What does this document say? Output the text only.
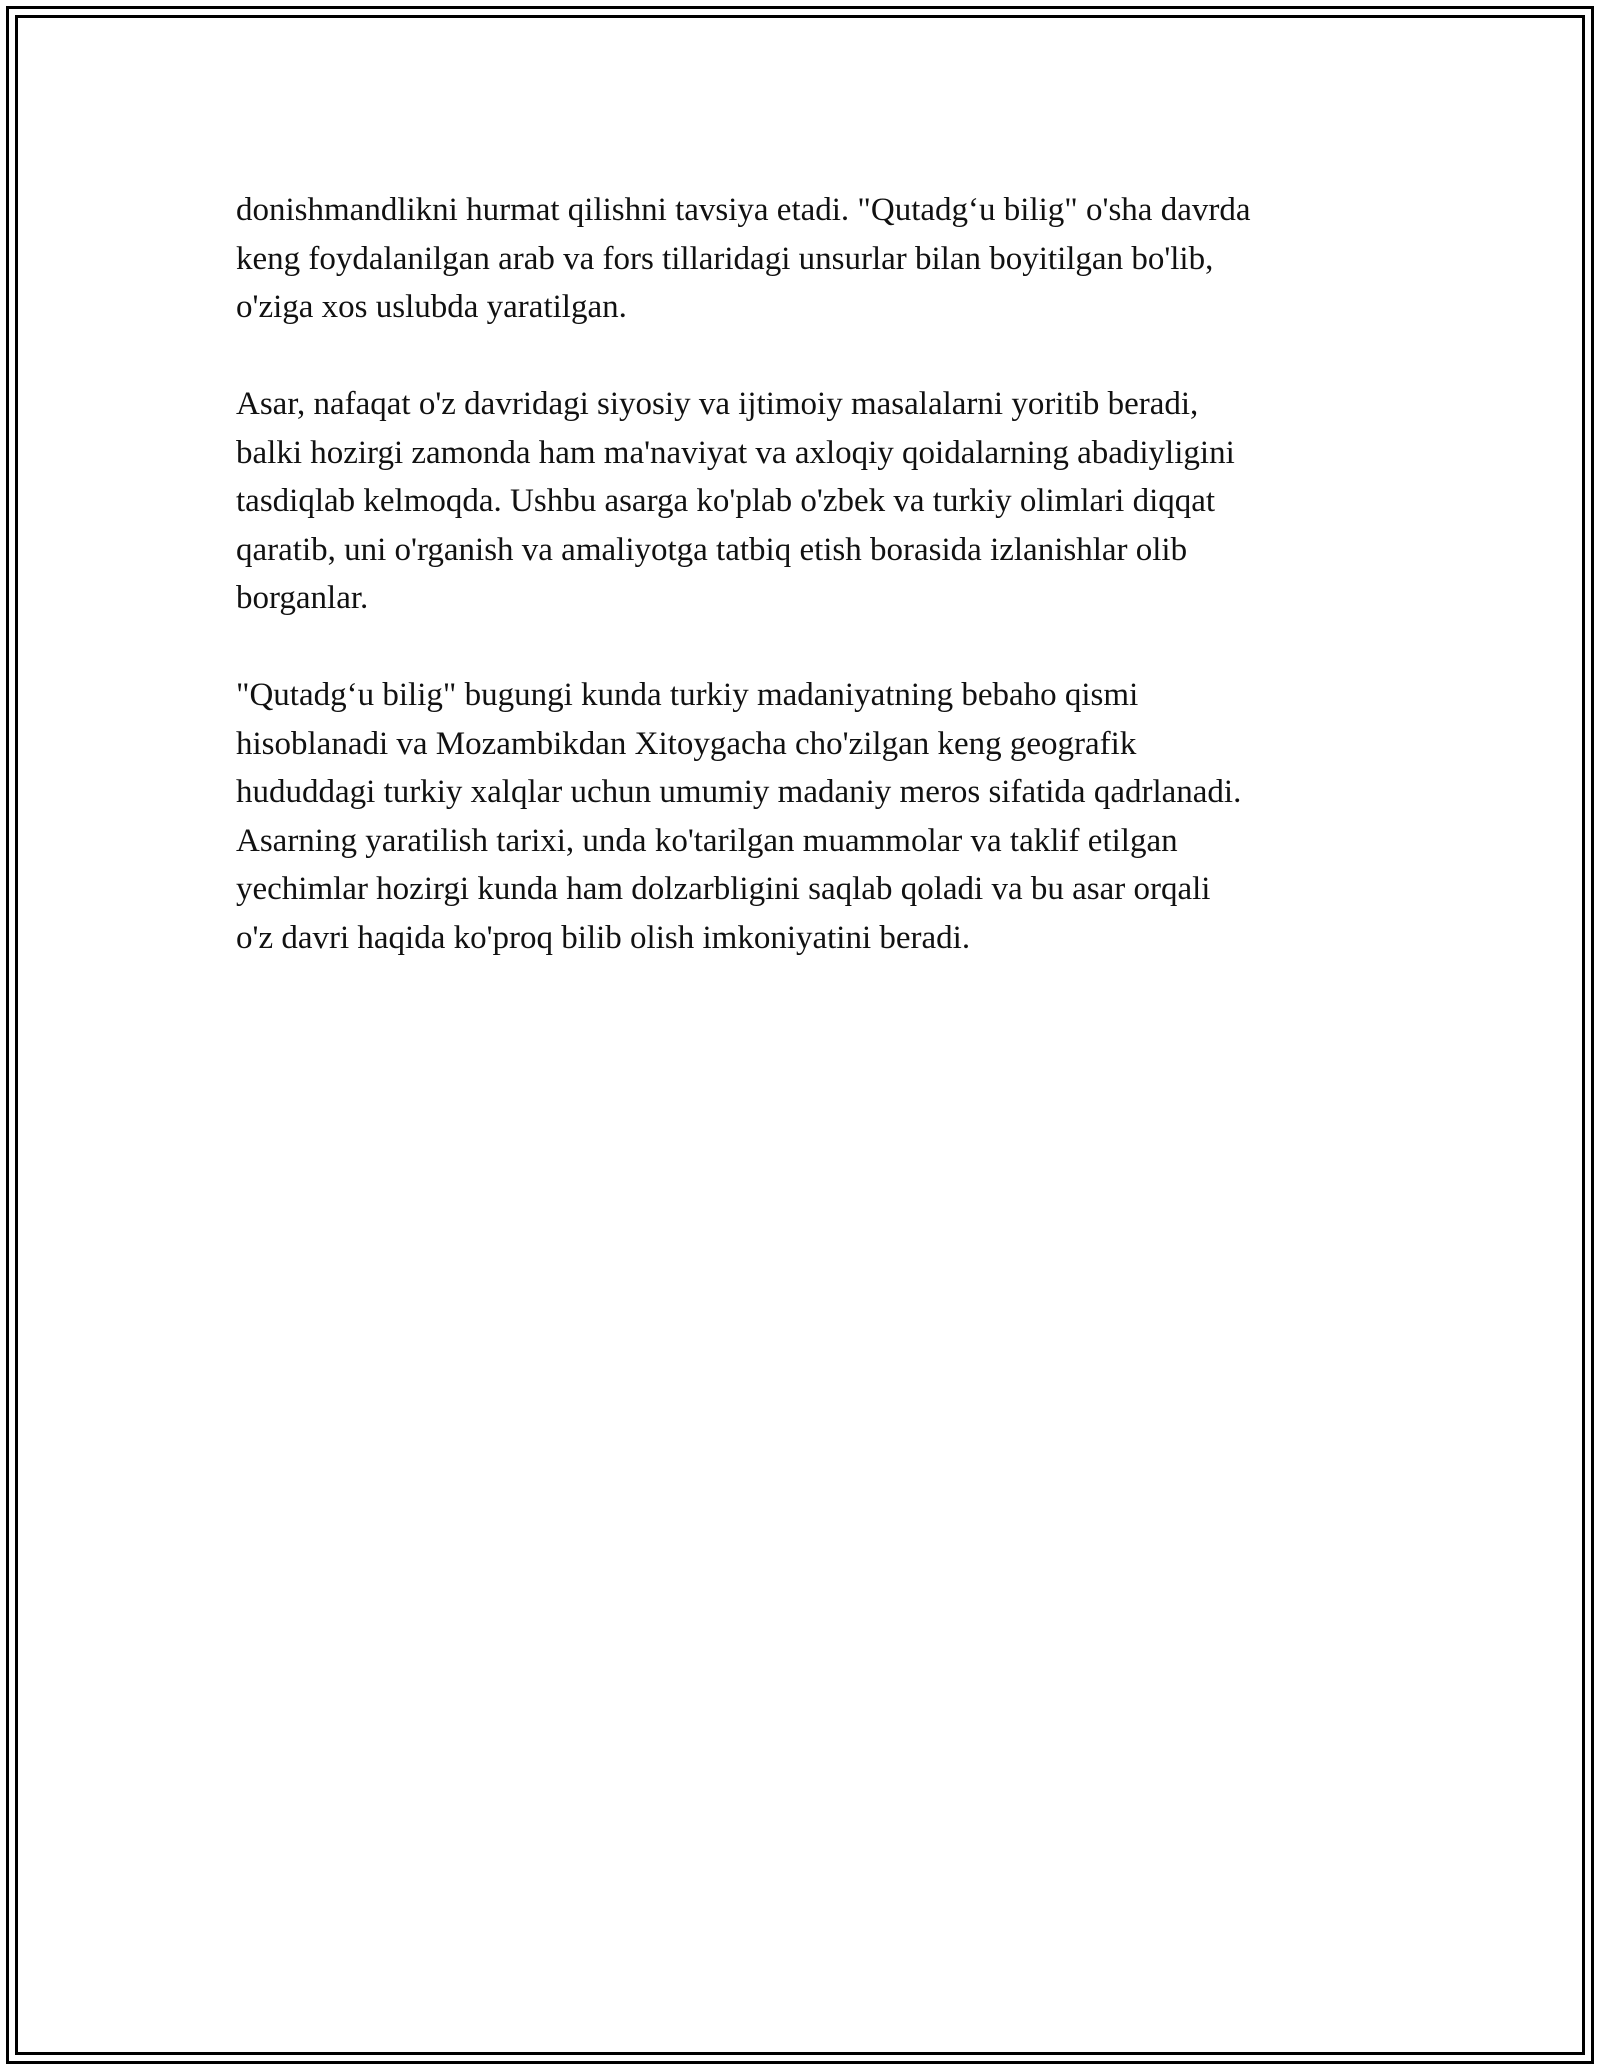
donishmandlikni hurmat qilishni tavsiya etadi. "Qutadg‘u bilig" o'sha davrda
keng foydalanilgan arab va fors tillaridagi unsurlar bilan boyitilgan bo'lib,
o'ziga xos uslubda yaratilgan.

Asar, nafaqat o'z davridagi siyosiy va ijtimoiy masalalarni yoritib beradi,
balki hozirgi zamonda ham ma'naviyat va axloqiy qoidalarning abadiyligini
tasdiqlab kelmoqda. Ushbu asarga ko'plab o'zbek va turkiy olimlari diqqat
qaratib, uni o'rganish va amaliyotga tatbiq etish borasida izlanishlar olib
borganlar.

"Qutadg‘u bilig" bugungi kunda turkiy madaniyatning bebaho qismi
hisoblanadi va Mozambikdan Xitoygacha cho'zilgan keng geografik
hududdagi turkiy xalqlar uchun umumiy madaniy meros sifatida qadrlanadi.
Asarning yaratilish tarixi, unda ko'tarilgan muammolar va taklif etilgan
yechimlar hozirgi kunda ham dolzarbligini saqlab qoladi va bu asar orqali
o'z davri haqida ko'proq bilib olish imkoniyatini beradi.
